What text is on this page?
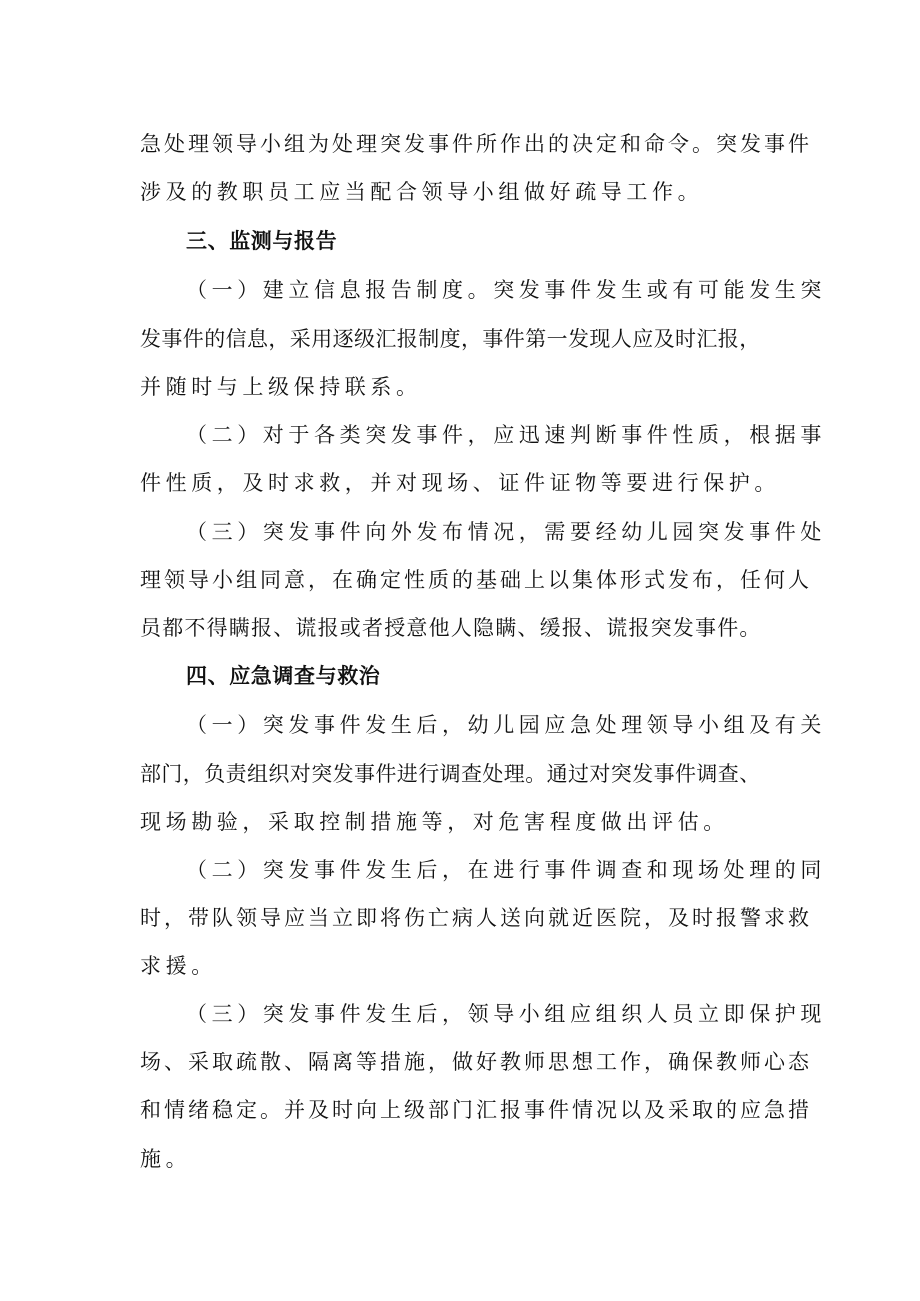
急处理领导小组为处理突发事件所作出的决定和命令。突发事件
涉及的教职员工应当配合领导小组做好疏导工作。
三、监测与报告
（一）建立信息报告制度。突发事件发生或有可能发生突
发事件的信息，采用逐级汇报制度，事件第一发现人应及时汇报，
并随时与上级保持联系。
（二）对于各类突发事件，应迅速判断事件性质，根据事
件性质，及时求救，并对现场、证件证物等要进行保护。
（三）突发事件向外发布情况，需要经幼儿园突发事件处
理领导小组同意，在确定性质的基础上以集体形式发布，任何人
员都不得瞒报、谎报或者授意他人隐瞒、缓报、谎报突发事件。
四、应急调查与救治
（一）突发事件发生后，幼儿园应急处理领导小组及有关
部门，负责组织对突发事件进行调查处理。通过对突发事件调查、
现场勘验，采取控制措施等，对危害程度做出评估。
（二）突发事件发生后，在进行事件调查和现场处理的同
时，带队领导应当立即将伤亡病人送向就近医院，及时报警求救
求援。
（三）突发事件发生后，领导小组应组织人员立即保护现
场、采取疏散、隔离等措施，做好教师思想工作，确保教师心态
和情绪稳定。并及时向上级部门汇报事件情况以及采取的应急措
施。
